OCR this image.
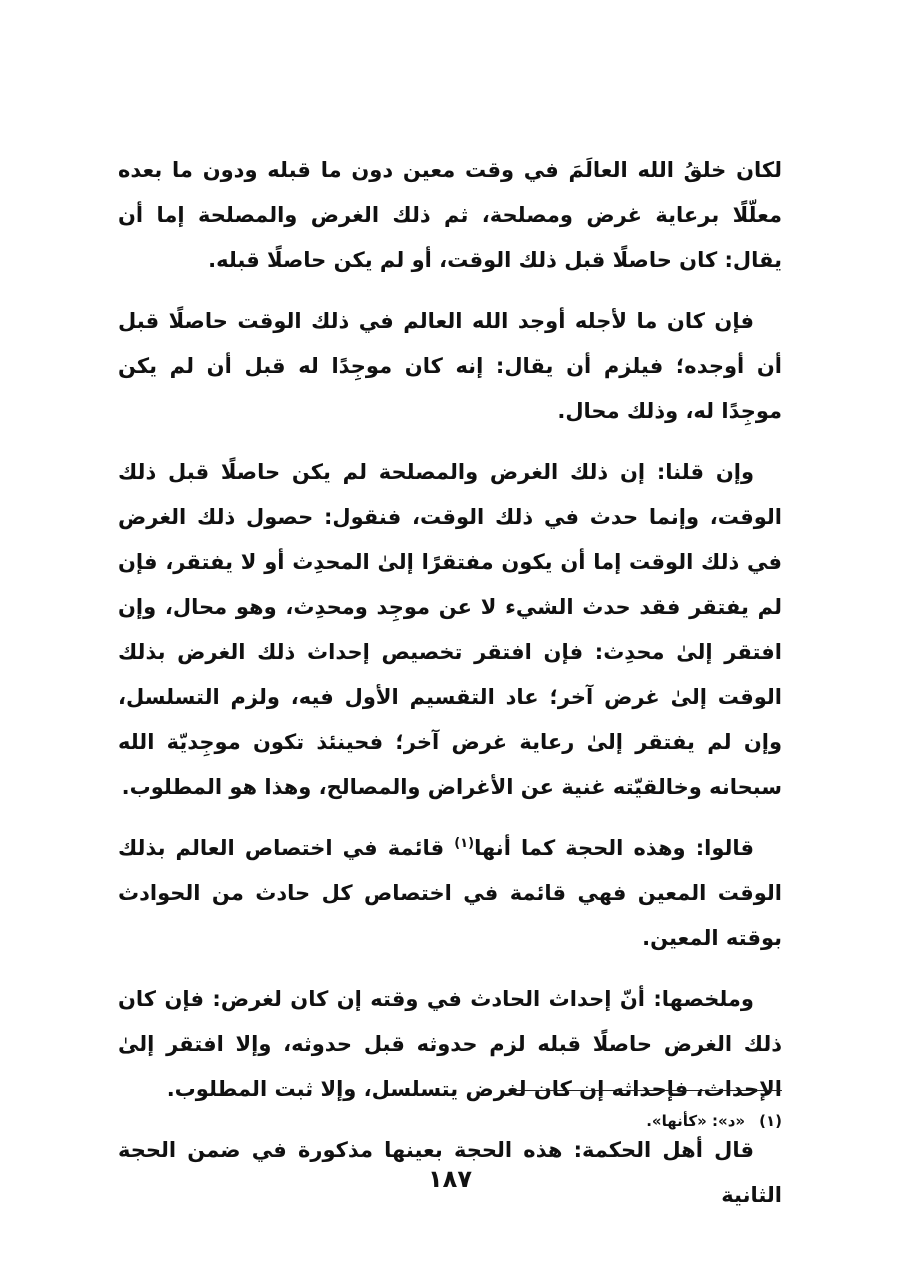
لكان خلقُ الله العالَمَ في وقت معين دون ما قبله ودون ما بعده معلّلًا برعاية غرض ومصلحة، ثم ذلك الغرض والمصلحة إما أن يقال: كان حاصلًا قبل ذلك الوقت، أو لم يكن حاصلًا قبله.

فإن كان ما لأجله أوجد الله العالم في ذلك الوقت حاصلًا قبل أن أوجده؛ فيلزم أن يقال: إنه كان موجِدًا له قبل أن لم يكن موجِدًا له، وذلك محال.

وإن قلنا: إن ذلك الغرض والمصلحة لم يكن حاصلًا قبل ذلك الوقت، وإنما حدث في ذلك الوقت، فنقول: حصول ذلك الغرض في ذلك الوقت إما أن يكون مفتقرًا إلىٰ المحدِث أو لا يفتقر، فإن لم يفتقر فقد حدث الشيء لا عن موجِد ومحدِث، وهو محال، وإن افتقر إلىٰ محدِث: فإن افتقر تخصيص إحداث ذلك الغرض بذلك الوقت إلىٰ غرض آخر؛ عاد التقسيم الأول فيه، ولزم التسلسل، وإن لم يفتقر إلىٰ رعاية غرض آخر؛ فحينئذ تكون موجِديّة الله سبحانه وخالقيّته غنية عن الأغراض والمصالح، وهذا هو المطلوب.

قالوا: وهذه الحجة كما أنها$^{(١)}$ قائمة في اختصاص العالم بذلك الوقت المعين فهي قائمة في اختصاص كل حادث من الحوادث بوقته المعين.

وملخصها: أنّ إحداث الحادث في وقته إن كان لغرض: فإن كان ذلك الغرض حاصلًا قبله لزم حدوثه قبل حدوثه، وإلا افتقر إلىٰ الإحداث، فإحداثه إن كان لغرض يتسلسل، وإلا ثبت المطلوب.

قال أهل الحكمة: هذه الحجة بعينها مذكورة في ضمن الحجة الثانية

(١)«د»: «كأنها».
١٨٧
